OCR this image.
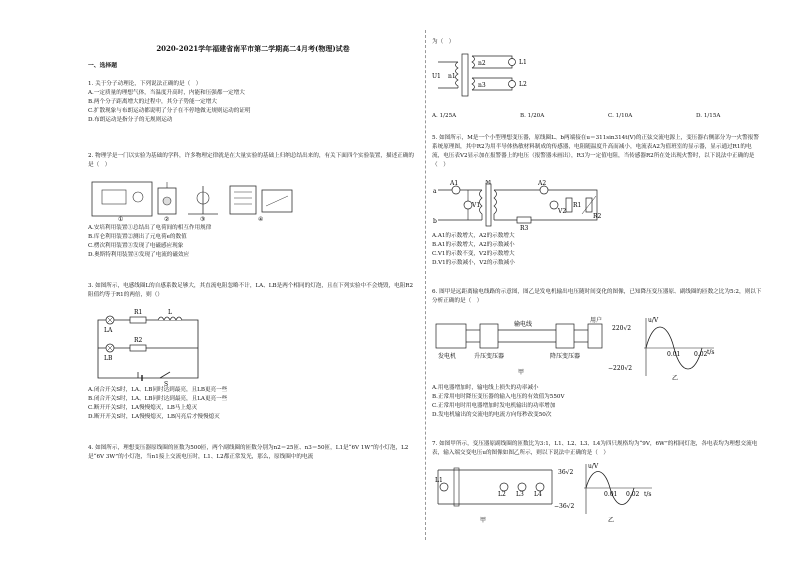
2020-2021学年福建省南平市第二学期高二4月考(物理)试卷
一、选择题

1. 关于分子动理论，下列说法正确的是（　）

A.一定质量的理想气体，当温度升高时，内能和压强都一定增大

B.两个分子距离增大的过程中，其分子势能一定增大

C.扩散现象与布朗运动都说明了分子在不停地做无规则运动的证明

D.布朗运动是指分子的无规则运动

2. 物理学是一门以实验为基础的学科，许多物理定律就是在大量实验的基础上归纳总结出来的，有关下面四个实验装置，描述正确的是（　）

①	②	③	④

A.安培利用装置①总结出了电荷间的相互作用规律

B.库仑利用装置②测出了元电荷e的数值

C.楞次利用装置③发现了电磁感应现象

D.奥斯特利用装置④发现了电流的磁效应

3. 如图所示，电感线圈L的自感系数足够大，其直流电阻忽略不计，LA、LB是两个相同的灯泡，且在下列实验中不会烧毁，电阻R2阻值约等于R1的两倍，则（）

LA
R1	L
LB
R2
S

A.闭合开关S时，LA、LB同时达到最亮，且LB更亮一些

B.闭合开关S时，LA、LB同时达到最亮，且LA更亮一些

C.断开开关S时，LA慢慢熄灭，LB马上熄灭

D.断开开关S时，LA慢慢熄灭，LB闪亮后才慢慢熄灭

4. 如图所示，理想变压器原线圈的匝数为500匝，两个副线圈的匝数分别为n2＝25匝、n3＝50匝，L1是“6V 1W”的小灯泡，L2是“6V 3W”的小灯泡，当n1接上交流电压时，L1、L2都正常发光，那么，原线圈中的电流

为（　）

U1 n1
n2
n3
L1
L2
A. 1/25A	B. 1/20A	C. 1/10A	D. 1/15A

5. 如图所示，M是一个小型理想变压器，原线圈L、b两端接在u＝311sin314t(V)的正弦交流电源上，变压器右侧部分为一火警报警系统原理图，其中R2为用半导体热敏材料制成的传感器，电阻随温度升高而减小，电流表A2为值班室的显示器，显示通过R1的电流，电压表V2显示加在报警器上的电压（报警器未画出），R3为一定值电阻，当传感器R2所在处出现火警时，以下说法中正确的是（　）

a
b
M
A1
V1
A2
V2
R3
R1
R2

A.A1的示数增大，A2的示数增大

B.A1的示数增大，A2的示数减小

C.V1的示数不变，V2的示数增大

D.V1的示数减小，V2的示数减小

6. 图甲是远距离输电线路的示意图，图乙是发电机输出电压随时间变化的图像，已知降压变压器原、副线圈的匝数之比为5:2，则以下分析正确的是（　）

发电机	升压变压器
输电线
降压变压器
用户
甲
u/V
t/s
220√2
−220√2
0.01 0.02
乙

A.用电器增加时，输电线上损失的功率减小

B.正常用电时降压变压器的输入电压的有效值为550V

C.正常用电时用电器增加时发电机输出的功率增加

D.发电机输出的交流电的电流方向每秒改变50次

7. 如图甲所示，变压器原副线圈的匝数比为3:1，L1、L2、L3、L4为四只规格均为“9V，6W”的相同灯泡，各电表均为理想交流电表，输入端交变电压u的图像如图乙所示，则以下说法中正确的是（　）

L1
L2 L3 L4
甲
u/V
36√2
−36√2
0.01 0.02 t/s
乙
